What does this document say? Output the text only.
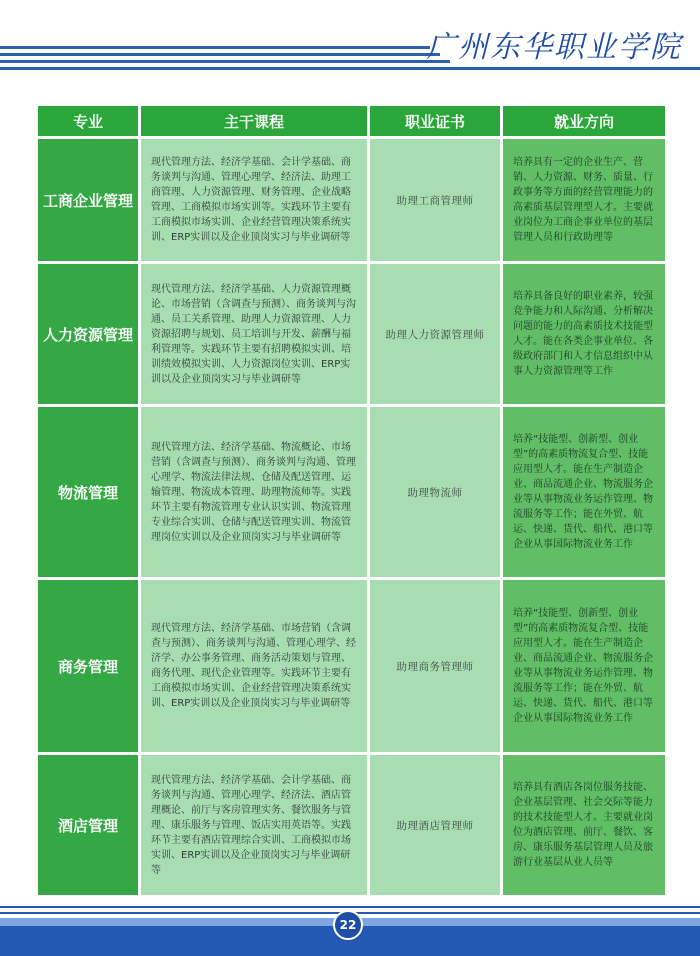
广州东华职业学院
专业	主干课程	职业证书	就业方向
工商企业管理	现代管理方法、经济学基础、会计学基础、商务谈判与沟通、管理心理学、经济法、助理工商管理、人力资源管理、财务管理、企业战略管理、工商模拟市场实训等。实践环节主要有工商模拟市场实训、企业经营管理决策系统实训、ERP实训以及企业顶岗实习与毕业调研等	助理工商管理师	培养具有一定的企业生产、营销、人力资源、财务、质量、行政事务等方面的经营管理能力的高素质基层管理型人才。主要就业岗位为工商企事业单位的基层管理人员和行政助理等
人力资源管理	现代管理方法、经济学基础、人力资源管理概论、市场营销（含调查与预测）、商务谈判与沟通、员工关系管理、助理人力资源管理、人力资源招聘与规划、员工培训与开发、薪酬与福利管理等。实践环节主要有招聘模拟实训、培训绩效模拟实训、人力资源岗位实训、ERP实训以及企业顶岗实习与毕业调研等	助理人力资源管理师	培养具备良好的职业素养，较强竞争能力和人际沟通、分析解决问题的能力的高素质技术技能型人才。能在各类企事业单位、各级政府部门和人才信息组织中从事人力资源管理等工作
物流管理	现代管理方法、经济学基础、物流概论、市场营销（含调查与预测）、商务谈判与沟通、管理心理学、物流法律法规、仓储及配送管理、运输管理、物流成本管理、助理物流师等。实践环节主要有物流管理专业认识实训、物流管理专业综合实训、仓储与配送管理实训、物流管理岗位实训以及企业顶岗实习与毕业调研等	助理物流师	培养“技能型、创新型、创业型”的高素质物流复合型、技能应用型人才。能在生产制造企业、商品流通企业、物流服务企业等从事物流业务运作管理、物流服务等工作；能在外贸、航运、快递、货代、船代、港口等企业从事国际物流业务工作
商务管理	现代管理方法、经济学基础、市场营销（含调查与预测）、商务谈判与沟通、管理心理学、经济学、办公事务管理、商务活动策划与管理、商务代理、现代企业管理等。实践环节主要有工商模拟市场实训、企业经营管理决策系统实训、ERP实训以及企业顶岗实习与毕业调研等	助理商务管理师	培养“技能型、创新型、创业型”的高素质物流复合型、技能应用型人才。能在生产制造企业、商品流通企业、物流服务企业等从事物流业务运作管理、物流服务等工作；能在外贸、航运、快递、货代、船代、港口等企业从事国际物流业务工作
酒店管理	现代管理方法、经济学基础、会计学基础、商务谈判与沟通、管理心理学、经济法、酒店管理概论、前厅与客房管理实务、餐饮服务与管理、康乐服务与管理、饭店实用英语等。实践环节主要有酒店管理综合实训、工商模拟市场实训、ERP实训以及企业顶岗实习与毕业调研等	助理酒店管理师	培养具有酒店各岗位服务技能、企业基层管理、社会交际等能力的技术技能型人才。主要就业岗位为酒店管理、前厅、餐饮、客房、康乐服务基层管理人员及旅游行业基层从业人员等
22
